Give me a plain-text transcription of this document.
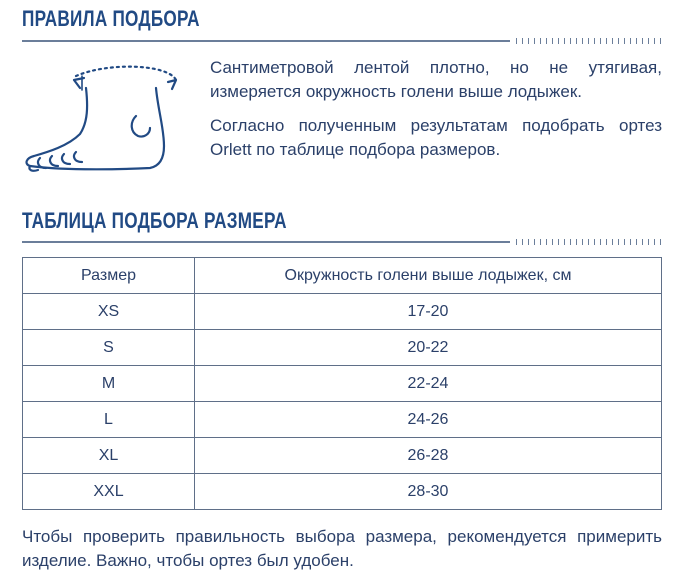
ПРАВИЛА ПОДБОРА

Сантиметровой лентой плотно, но не утягивая, измеряется окружность голени выше лодыжек.

Согласно полученным результатам подобрать ортез Orlett по таблице подбора размеров.

ТАБЛИЦА ПОДБОРА РАЗМЕРА
Размер	Окружность голени выше лодыжек, см
XS	17-20
S	20-22
M	22-24
L	24-26
XL	26-28
XXL	28-30

Чтобы проверить правильность выбора размера, рекомендуется примерить изделие. Важно, чтобы ортез был удобен.
